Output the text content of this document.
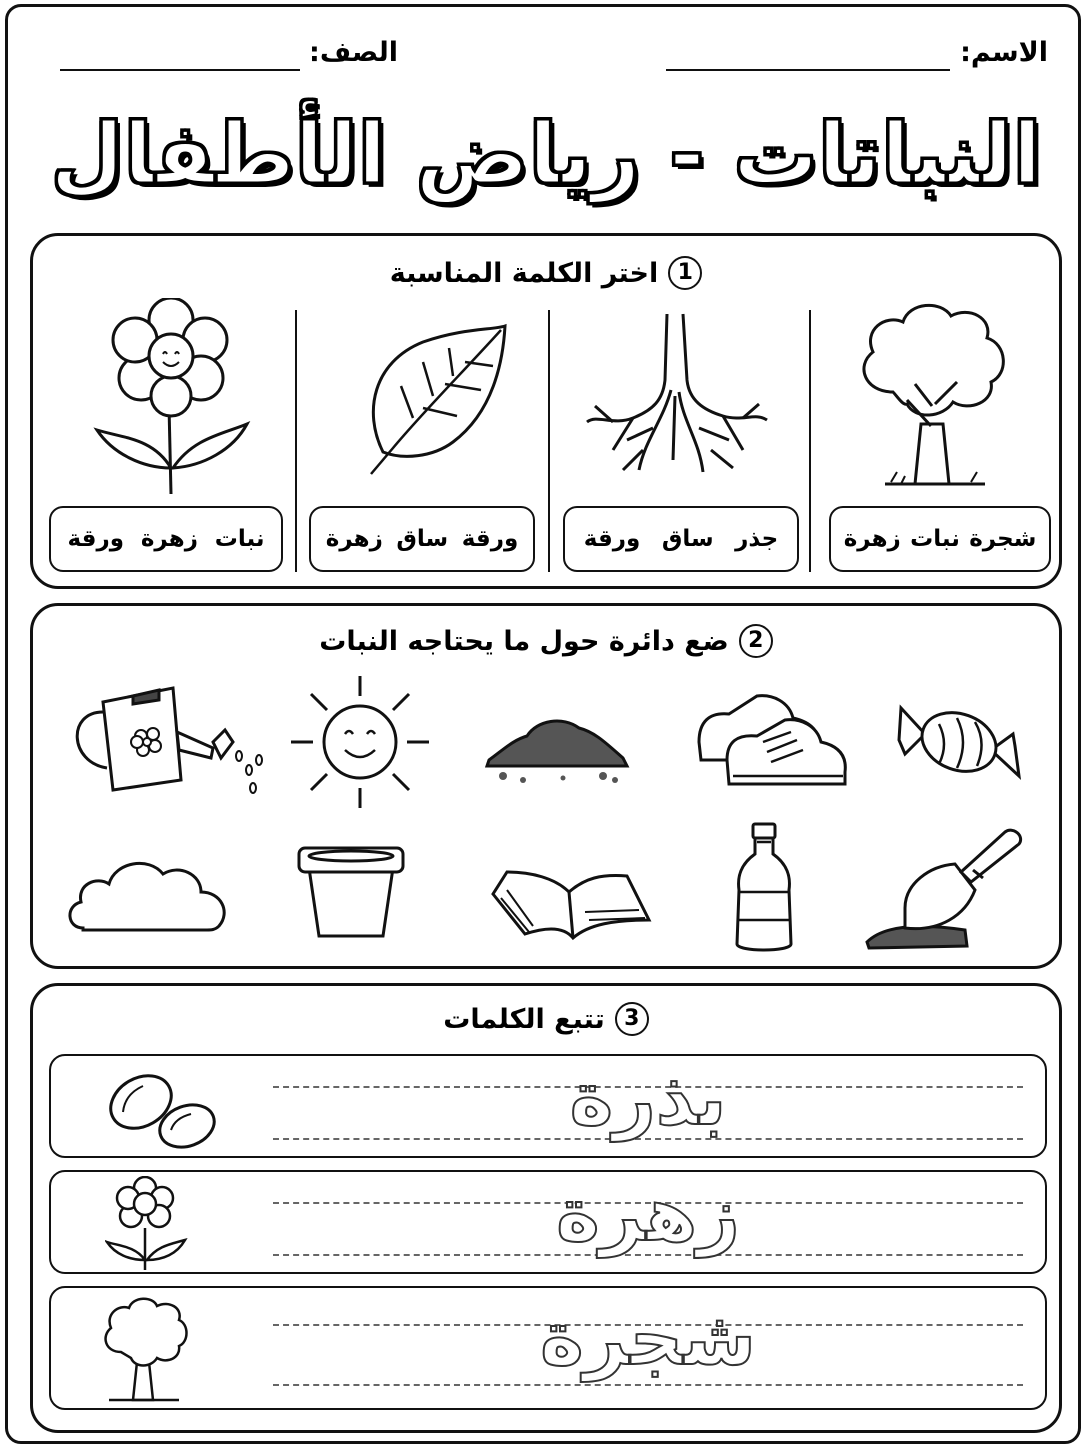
الاسم:
الصف:
النباتات - رياض الأطفال
1
اختر الكلمة المناسبة
شجرة
نبات
زهرة
جذر
ساق
ورقة
ورقة
ساق
زهرة
نبات
زهرة
ورقة
2
ضع دائرة حول ما يحتاجه النبات
3
تتبع الكلمات
بذرة
زهرة
شجرة
